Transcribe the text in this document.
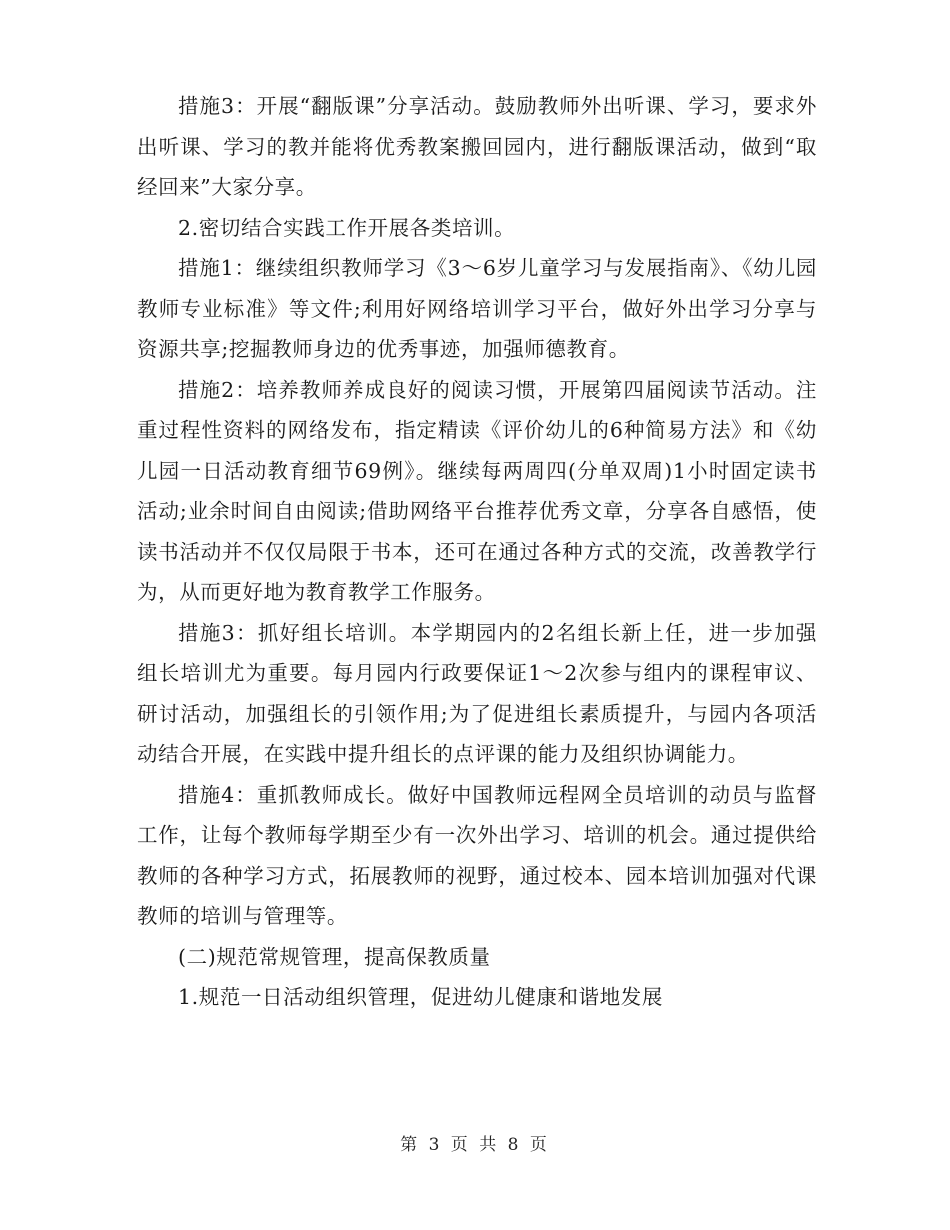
措施3：开展“翻版课”分享活动。鼓励教师外出听课、学习，要求外出听课、学习的教并能将优秀教案搬回园内，进行翻版课活动，做到“取经回来”大家分享。

2.密切结合实践工作开展各类培训。

措施1：继续组织教师学习《3～6岁儿童学习与发展指南》、《幼儿园教师专业标准》等文件;利用好网络培训学习平台，做好外出学习分享与资源共享;挖掘教师身边的优秀事迹，加强师德教育。

措施2：培养教师养成良好的阅读习惯，开展第四届阅读节活动。注重过程性资料的网络发布，指定精读《评价幼儿的6种简易方法》和《幼儿园一日活动教育细节69例》。继续每两周四(分单双周)1小时固定读书活动;业余时间自由阅读;借助网络平台推荐优秀文章，分享各自感悟，使读书活动并不仅仅局限于书本，还可在通过各种方式的交流，改善教学行为，从而更好地为教育教学工作服务。

措施3：抓好组长培训。本学期园内的2名组长新上任，进一步加强组长培训尤为重要。每月园内行政要保证1～2次参与组内的课程审议、研讨活动，加强组长的引领作用;为了促进组长素质提升，与园内各项活动结合开展，在实践中提升组长的点评课的能力及组织协调能力。

措施4：重抓教师成长。做好中国教师远程网全员培训的动员与监督工作，让每个教师每学期至少有一次外出学习、培训的机会。通过提供给教师的各种学习方式，拓展教师的视野，通过校本、园本培训加强对代课教师的培训与管理等。

(二)规范常规管理，提高保教质量

1.规范一日活动组织管理，促进幼儿健康和谐地发展

第 3 页 共 8 页
